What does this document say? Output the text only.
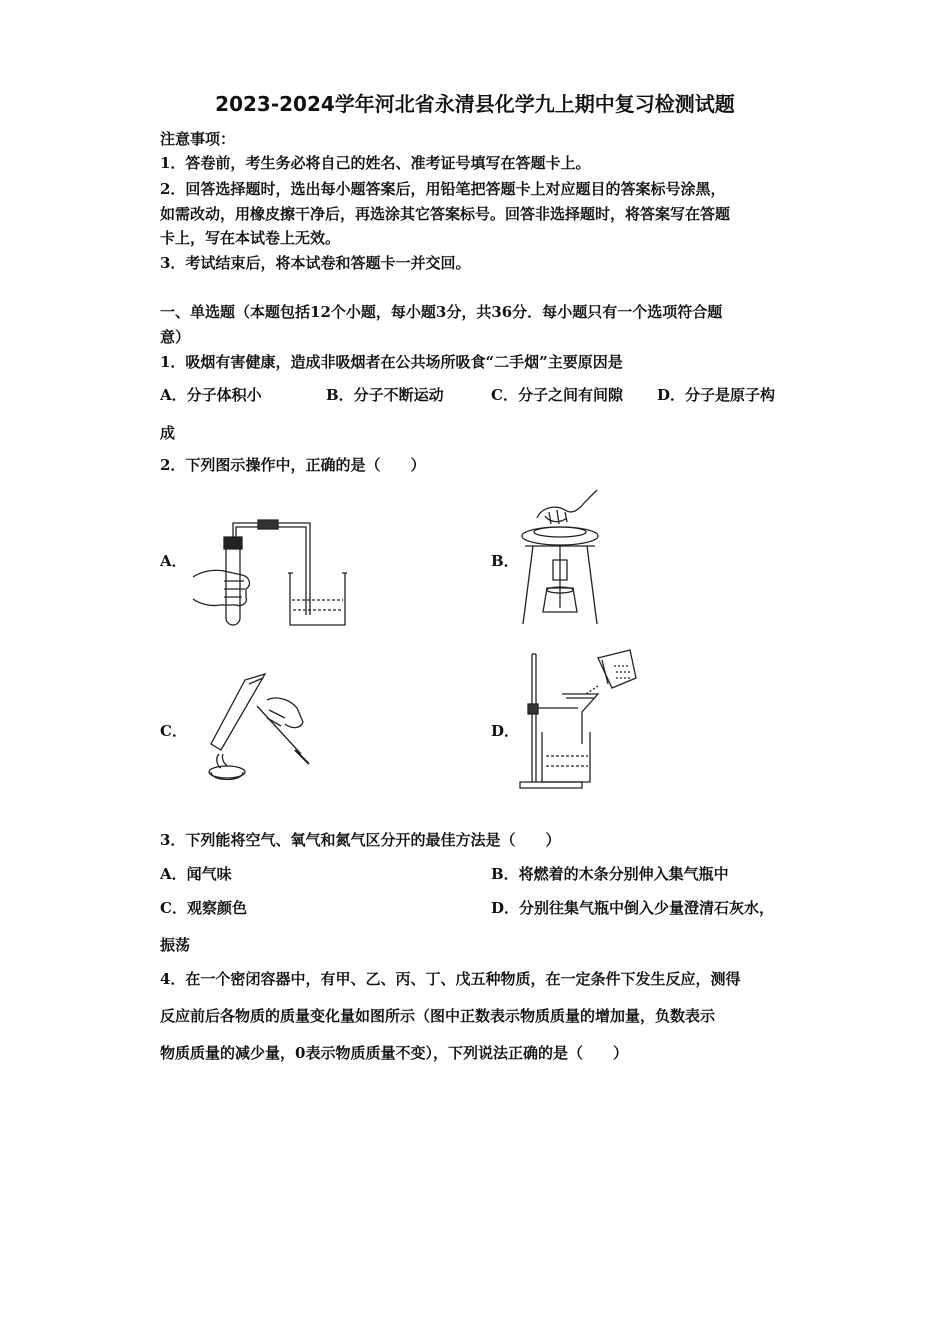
2023-2024学年河北省永清县化学九上期中复习检测试题
注意事项：
1．答卷前，考生务必将自己的姓名、准考证号填写在答题卡上。
2．回答选择题时，选出每小题答案后，用铅笔把答题卡上对应题目的答案标号涂黑，
如需改动，用橡皮擦干净后，再选涂其它答案标号。回答非选择题时，将答案写在答题
卡上，写在本试卷上无效。
3．考试结束后，将本试卷和答题卡一并交回。
一、单选题（本题包括12个小题，每小题3分，共36分．每小题只有一个选项符合题
意）
1．吸烟有害健康，造成非吸烟者在公共场所吸食“二手烟”主要原因是
A．分子体积小	B．分子不断运动	C．分子之间有间隙 D．分子是原子构
成
2．下列图示操作中，正确的是（　　）
A．	B．
C．	D．
3．下列能将空气、氧气和氮气区分开的最佳方法是（　　）
A．闻气味	B．将燃着的木条分别伸入集气瓶中
C．观察颜色	D．分别往集气瓶中倒入少量澄清石灰水，
振荡
4．在一个密闭容器中，有甲、乙、丙、丁、戊五种物质，在一定条件下发生反应，测得
反应前后各物质的质量变化量如图所示（图中正数表示物质质量的增加量，负数表示
物质质量的减少量，0表示物质质量不变），下列说法正确的是（　　）
